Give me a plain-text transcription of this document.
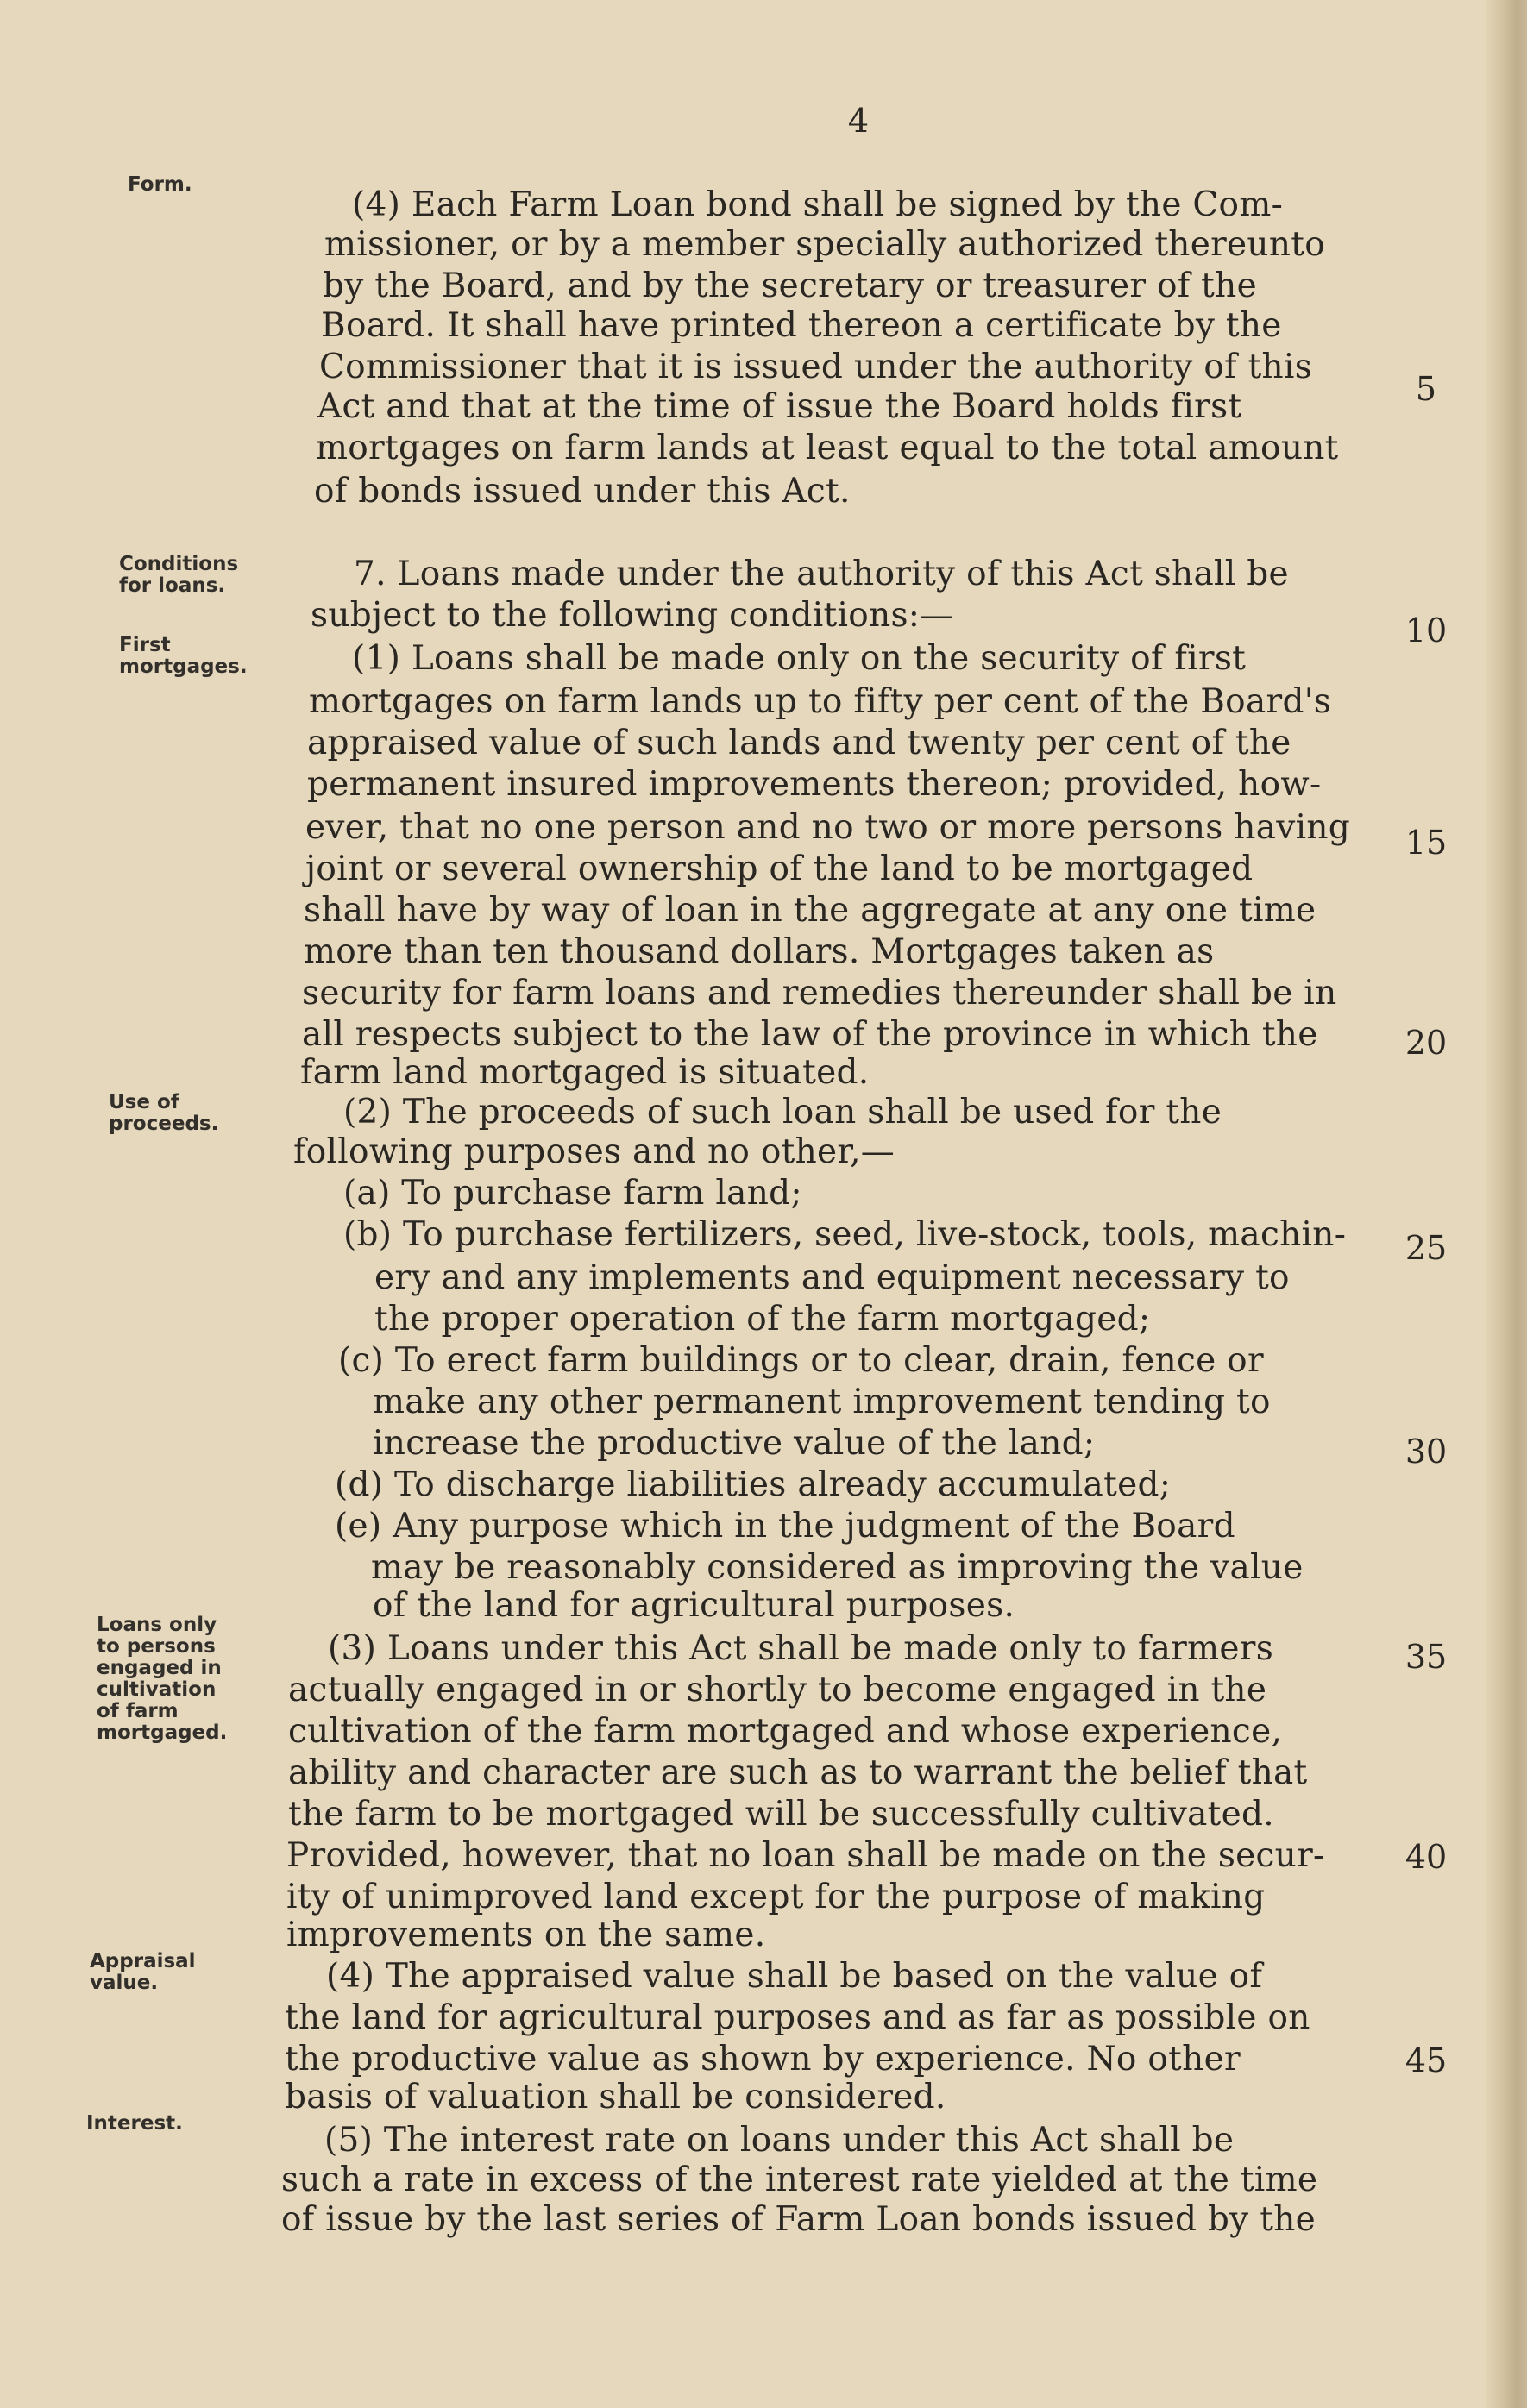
4
Form.
Conditions for loans.
First mortgages.
Use of proceeds.
Loans only to persons engaged in cultivation of farm mortgaged.
Appraisal value.
Interest.
5
10
15
20
25
30
35
40
45
(4) Each Farm Loan bond shall be signed by the Com-
missioner, or by a member specially authorized thereunto
by the Board, and by the secretary or treasurer of the
Board. It shall have printed thereon a certificate by the
Commissioner that it is issued under the authority of this
Act and that at the time of issue the Board holds first
mortgages on farm lands at least equal to the total amount
of bonds issued under this Act.
7. Loans made under the authority of this Act shall be
subject to the following conditions:—
(1) Loans shall be made only on the security of first
mortgages on farm lands up to fifty per cent of the Board's
appraised value of such lands and twenty per cent of the
permanent insured improvements thereon; provided, how-
ever, that no one person and no two or more persons having
joint or several ownership of the land to be mortgaged
shall have by way of loan in the aggregate at any one time
more than ten thousand dollars. Mortgages taken as
security for farm loans and remedies thereunder shall be in
all respects subject to the law of the province in which the
farm land mortgaged is situated.
(2) The proceeds of such loan shall be used for the
following purposes and no other,—
(a) To purchase farm land;
(b) To purchase fertilizers, seed, live-stock, tools, machin-
ery and any implements and equipment necessary to
the proper operation of the farm mortgaged;
(c) To erect farm buildings or to clear, drain, fence or
make any other permanent improvement tending to
increase the productive value of the land;
(d) To discharge liabilities already accumulated;
(e) Any purpose which in the judgment of the Board
may be reasonably considered as improving the value
of the land for agricultural purposes.
(3) Loans under this Act shall be made only to farmers
actually engaged in or shortly to become engaged in the
cultivation of the farm mortgaged and whose experience,
ability and character are such as to warrant the belief that
the farm to be mortgaged will be successfully cultivated.
Provided, however, that no loan shall be made on the secur-
ity of unimproved land except for the purpose of making
improvements on the same.
(4) The appraised value shall be based on the value of
the land for agricultural purposes and as far as possible on
the productive value as shown by experience. No other
basis of valuation shall be considered.
(5) The interest rate on loans under this Act shall be
such a rate in excess of the interest rate yielded at the time
of issue by the last series of Farm Loan bonds issued by the
